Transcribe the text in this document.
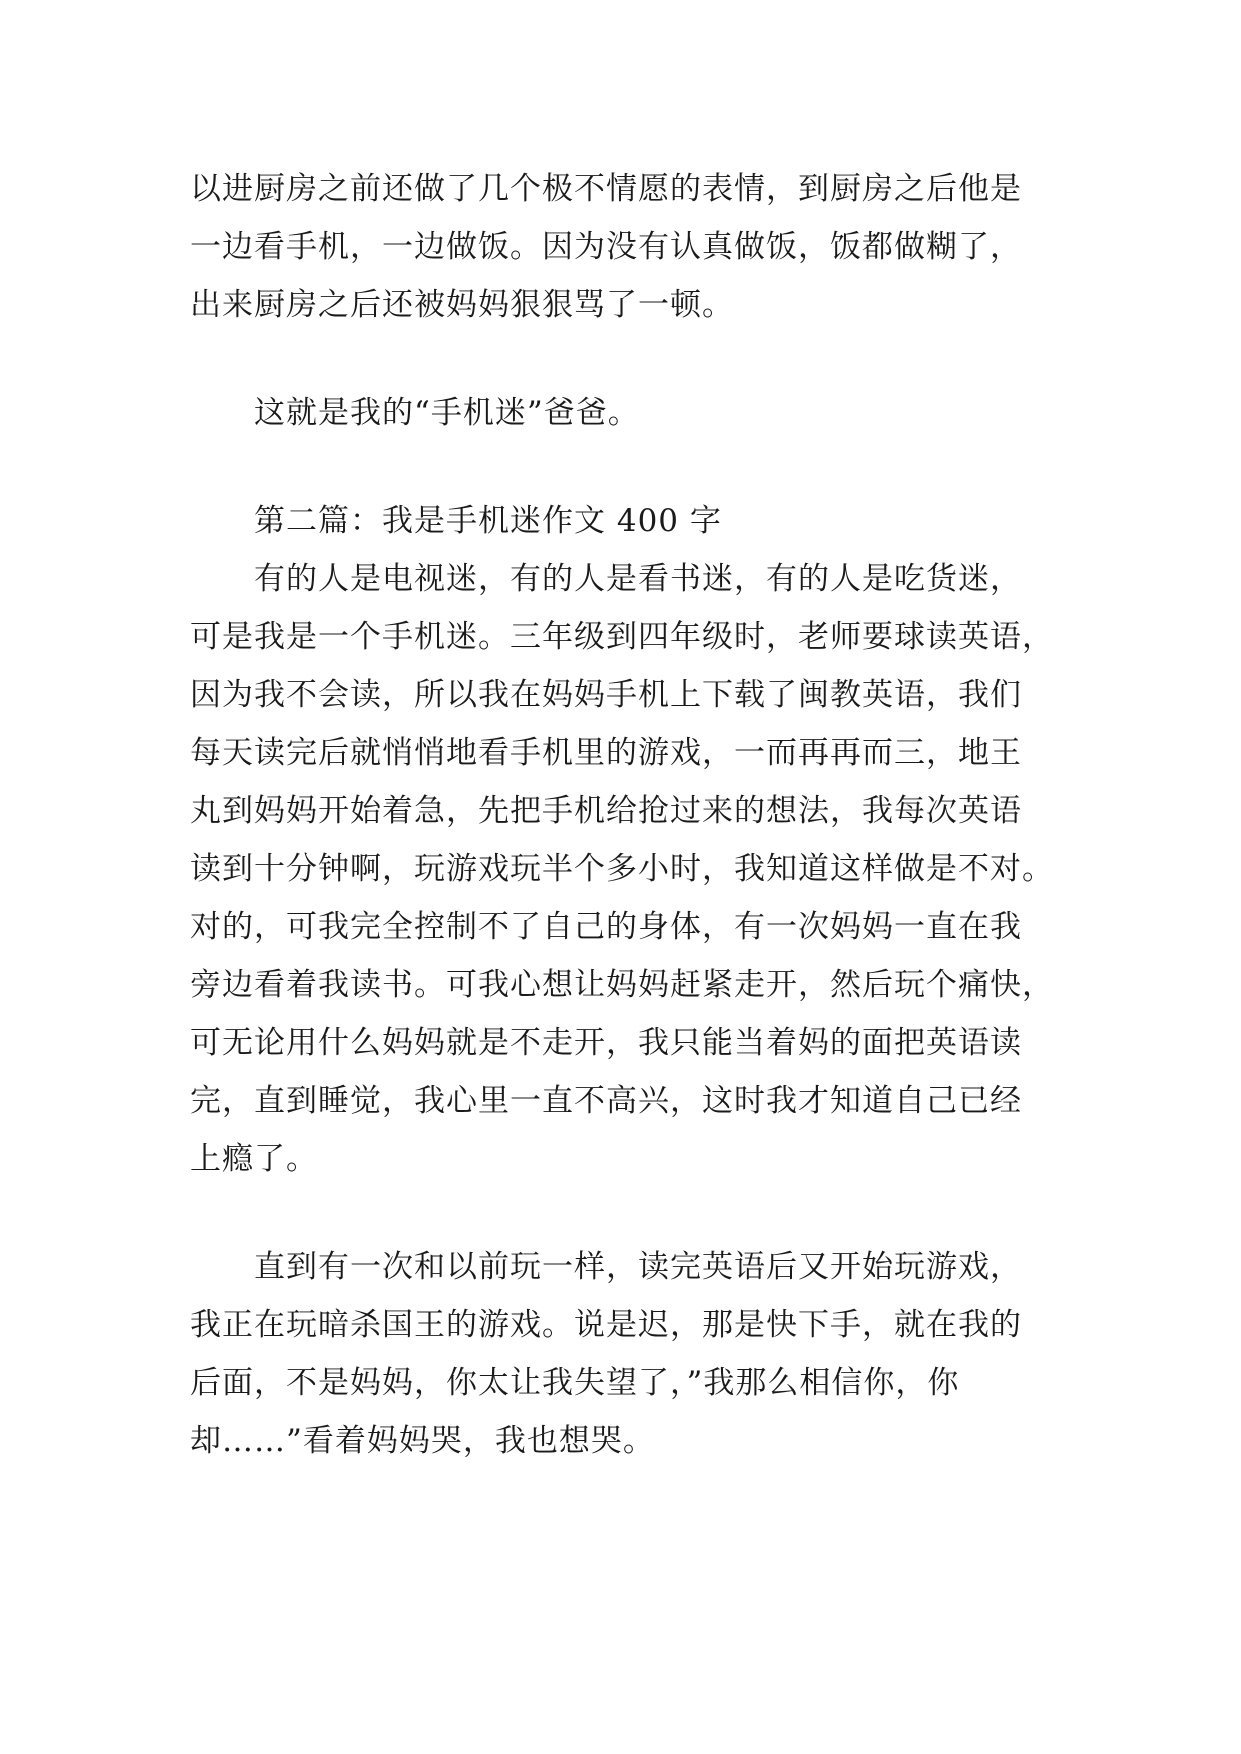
以进厨房之前还做了几个极不情愿的表情，到厨房之后他是
一边看手机，一边做饭。因为没有认真做饭，饭都做糊了，
出来厨房之后还被妈妈狠狠骂了一顿。

这就是我的“手机迷”爸爸。

第二篇：我是手机迷作文 400 字

有的人是电视迷，有的人是看书迷，有的人是吃货迷，
可是我是一个手机迷。三年级到四年级时，老师要球读英语，
因为我不会读，所以我在妈妈手机上下载了闽教英语，我们
每天读完后就悄悄地看手机里的游戏，一而再再而三，地王
丸到妈妈开始着急，先把手机给抢过来的想法，我每次英语
读到十分钟啊，玩游戏玩半个多小时，我知道这样做是不对。
对的，可我完全控制不了自己的身体，有一次妈妈一直在我
旁边看着我读书。可我心想让妈妈赶紧走开，然后玩个痛快，
可无论用什么妈妈就是不走开，我只能当着妈的面把英语读
完，直到睡觉，我心里一直不高兴，这时我才知道自己已经
上瘾了。

直到有一次和以前玩一样，读完英语后又开始玩游戏，
我正在玩暗杀国王的游戏。说是迟，那是快下手，就在我的
后面，不是妈妈，你太让我失望了，”我那么相信你，你
却……”看着妈妈哭，我也想哭。
